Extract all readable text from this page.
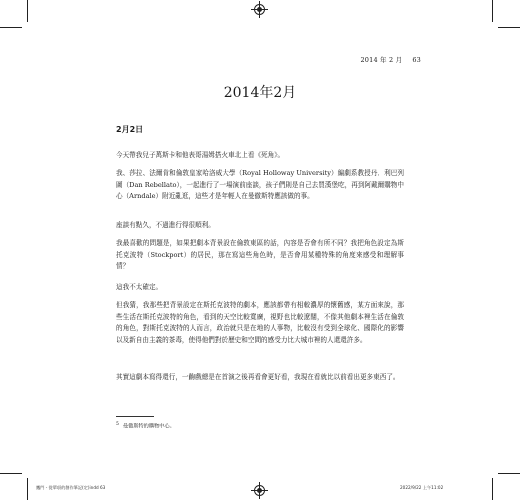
2014 年 2 月 63
2014年2月
2月2日

今天帶我兒子萬斯卡和他表哥湯姆搭火車北上看《死角》。

我、莎拉、法爾肯和倫敦皇家哈洛威大學（Royal Holloway University）編劇系教授丹．利巴列圖（Dan Rebellato），一起進行了一場演前座談，孩子們則是自己去買漢堡吃，再到阿戴爾購物中心（Arndale）附近亂逛，這些才是年輕人在曼徹斯特應該做的事。

座談有點久，不過進行得很順利。

我最喜歡的問題是，如果把劇本背景設在倫敦東區的話，內容是否會有所不同？我把角色設定為斯托克波特（Stockport）的居民，那在寫這些角色時，是否會用某種特殊的角度來感受和理解事情？

這我不太確定。

但我猜，我那些把背景設定在斯托克波特的劇本，應該都帶有相較濃厚的懷舊感，某方面來說，那些生活在斯托克波特的角色，看到的天空比較寬廣，視野也比較遼闊，不像其他劇本裡生活在倫敦的角色，對斯托克波特的人而言，政治就只是在地的人事物，比較沒有受到全球化、國際化的影響以及新自由主義的茶毒，使得他們對於歷史和空間的感受力比大城市裡的人還還許多。

其實這劇本寫得還行，一齣戲總是在首演之後再看會更好看，我現在看就比以前看出更多東西了。

5 曼徹斯特的購物中心。
鷹門 - 從單項的創作筆記(定)indd 63	2022/9/22 上午11:02
